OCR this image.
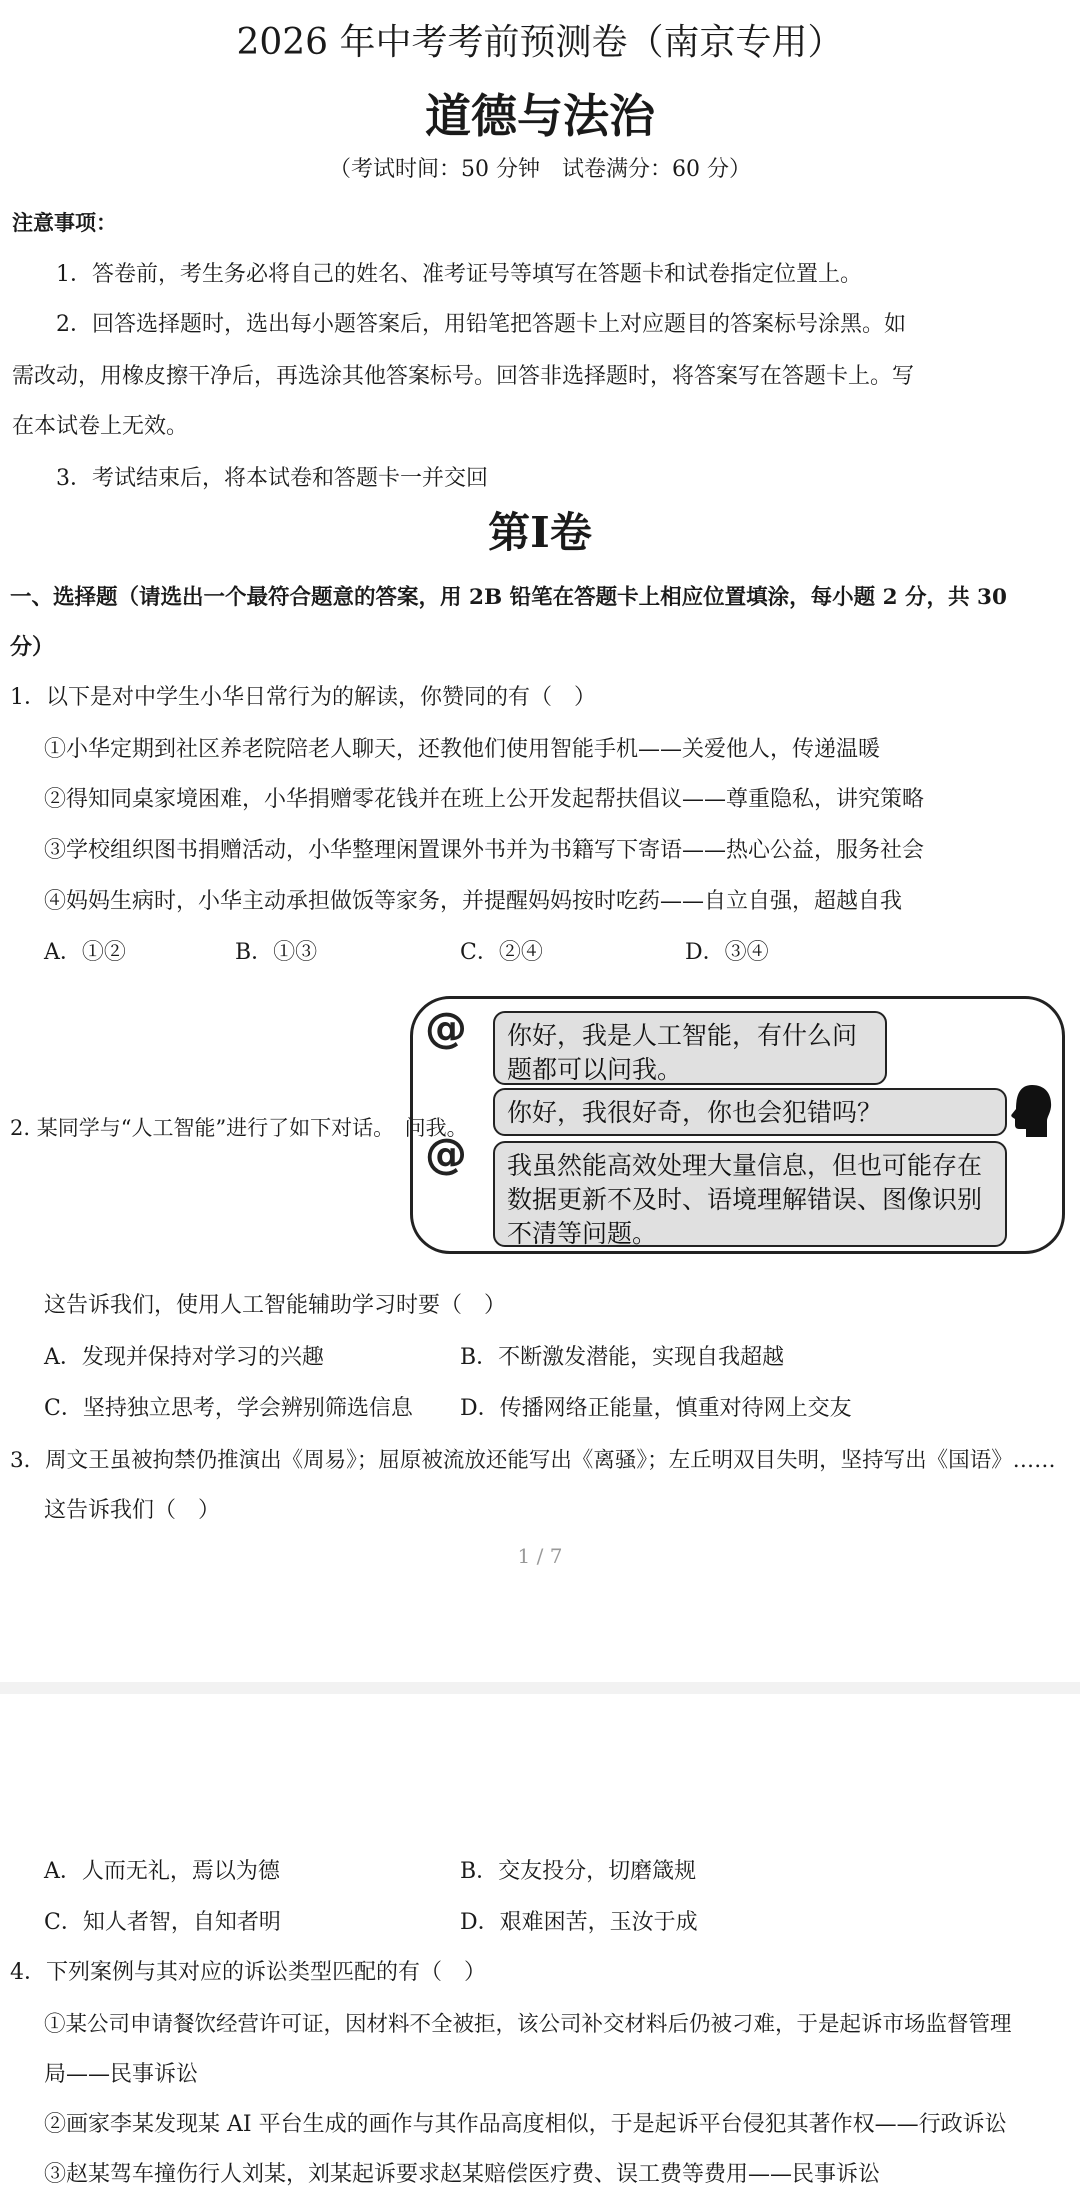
2026 年中考考前预测卷（南京专用）
道德与法治
（考试时间：50 分钟　试卷满分：60 分）
注意事项：
1．答卷前，考生务必将自己的姓名、准考证号等填写在答题卡和试卷指定位置上。
2．回答选择题时，选出每小题答案后，用铅笔把答题卡上对应题目的答案标号涂黑。如
需改动，用橡皮擦干净后，再选涂其他答案标号。回答非选择题时，将答案写在答题卡上。写
在本试卷上无效。
3．考试结束后，将本试卷和答题卡一并交回
第Ⅰ卷
一、选择题（请选出一个最符合题意的答案，用 2B 铅笔在答题卡上相应位置填涂，每小题 2 分，共 30
分）
1．以下是对中学生小华日常行为的解读，你赞同的有（　）
①小华定期到社区养老院陪老人聊天，还教他们使用智能手机——关爱他人，传递温暖
②得知同桌家境困难，小华捐赠零花钱并在班上公开发起帮扶倡议——尊重隐私，讲究策略
③学校组织图书捐赠活动，小华整理闲置课外书并为书籍写下寄语——热心公益，服务社会
④妈妈生病时，小华主动承担做饭等家务，并提醒妈妈按时吃药——自立自强，超越自我
A．①②	B．①③	C．②④	D．③④
2. 某同学与“人工智能”进行了如下对话。　问我。
@	你好，我是人工智能，有什么问题都可以问我。
你好，我很好奇，你也会犯错吗？
@	我虽然能高效处理大量信息，但也可能存在数据更新不及时、语境理解错误、图像识别不清等问题。
这告诉我们，使用人工智能辅助学习时要（　）
A．发现并保持对学习的兴趣	B．不断激发潜能，实现自我超越
C．坚持独立思考，学会辨别筛选信息 D．传播网络正能量，慎重对待网上交友
3．周文王虽被拘禁仍推演出《周易》；屈原被流放还能写出《离骚》；左丘明双目失明，坚持写出《国语》……
这告诉我们（　）
1 / 7
A．人而无礼，焉以为德	B．交友投分，切磨箴规
C．知人者智，自知者明	D．艰难困苦，玉汝于成
4．下列案例与其对应的诉讼类型匹配的有（　）
①某公司申请餐饮经营许可证，因材料不全被拒，该公司补交材料后仍被刁难，于是起诉市场监督管理
局——民事诉讼
②画家李某发现某 AI 平台生成的画作与其作品高度相似，于是起诉平台侵犯其著作权——行政诉讼
③赵某驾车撞伤行人刘某，刘某起诉要求赵某赔偿医疗费、误工费等费用——民事诉讼
